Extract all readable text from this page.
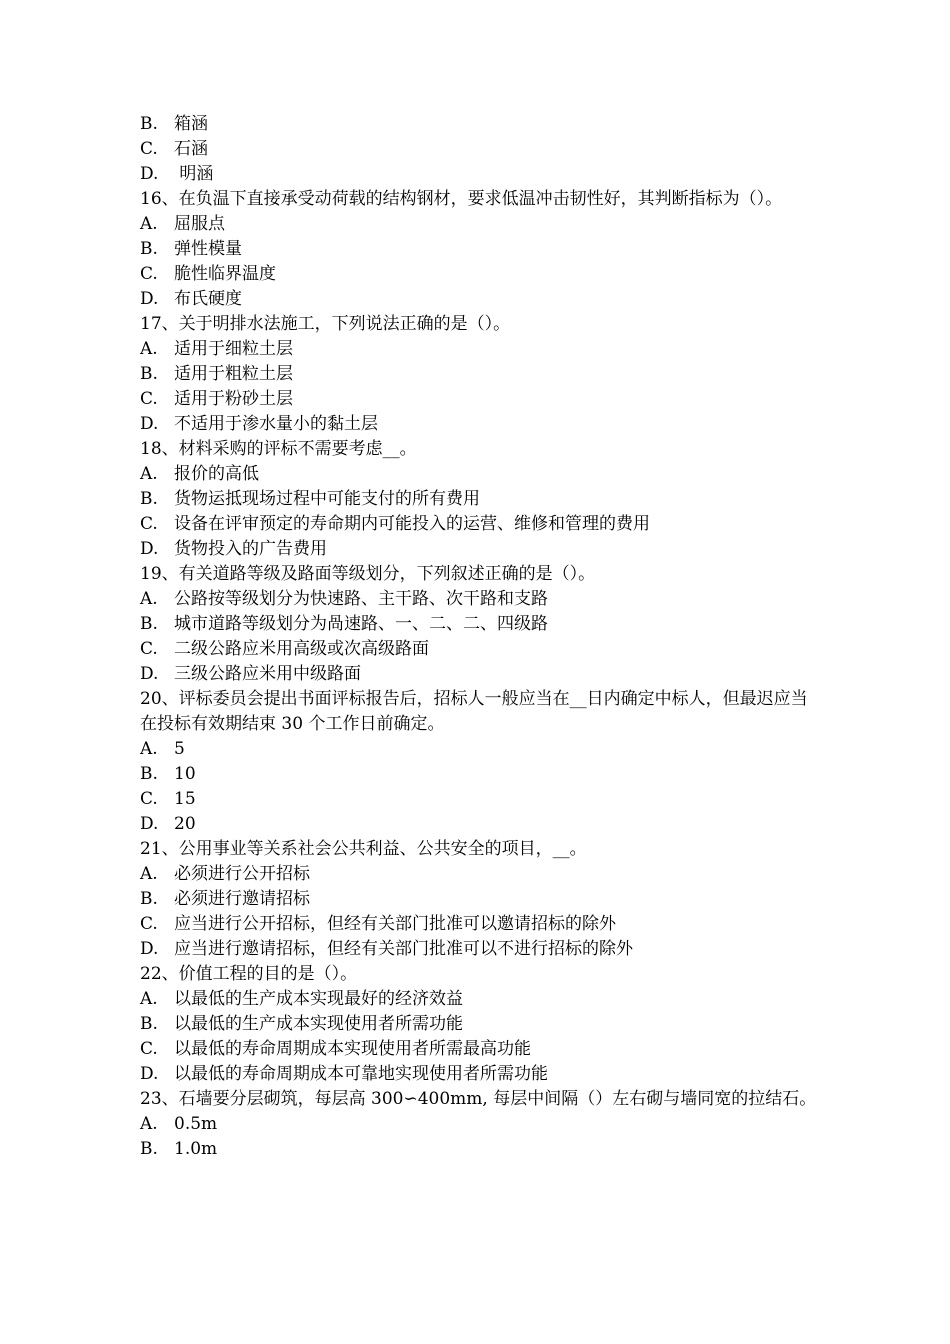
B. 箱涵
C. 石涵
D. 明涵
16、在负温下直接承受动荷载的结构钢材，要求低温冲击韧性好，其判断指标为（）。
A. 屈服点
B. 弹性模量
C. 脆性临界温度
D. 布氏硬度
17、关于明排水法施工，下列说法正确的是（）。
A. 适用于细粒土层
B. 适用于粗粒土层
C. 适用于粉砂土层
D. 不适用于渗水量小的黏土层
18、材料采购的评标不需要考虑__。
A. 报价的高低
B. 货物运抵现场过程中可能支付的所有费用
C. 设备在评审预定的寿命期内可能投入的运营、维修和管理的费用
D. 货物投入的广告费用
19、有关道路等级及路面等级划分，下列叙述正确的是（）。
A. 公路按等级划分为快速路、主干路、次干路和支路
B. 城市道路等级划分为咼速路、一、二、二、四级路
C. 二级公路应米用高级或次高级路面
D. 三级公路应米用中级路面
20、评标委员会提出书面评标报告后，招标人一般应当在__日内确定中标人，但最迟应当在投标有效期结束 30 个工作日前确定。
A. 5
B. 10
C. 15
D. 20
21、公用事业等关系社会公共利益、公共安全的项目，__。
A. 必须进行公开招标
B. 必须进行邀请招标
C. 应当进行公开招标，但经有关部门批准可以邀请招标的除外
D. 应当进行邀请招标，但经有关部门批准可以不进行招标的除外
22、价值工程的目的是（）。
A. 以最低的生产成本实现最好的经济效益
B. 以最低的生产成本实现使用者所需功能
C. 以最低的寿命周期成本实现使用者所需最高功能
D. 以最低的寿命周期成本可靠地实现使用者所需功能
23、石墙要分层砌筑，每层高 300∽400mm, 每层中间隔（）左右砌与墙同宽的拉结石。
A. 0.5m
B. 1.0m
